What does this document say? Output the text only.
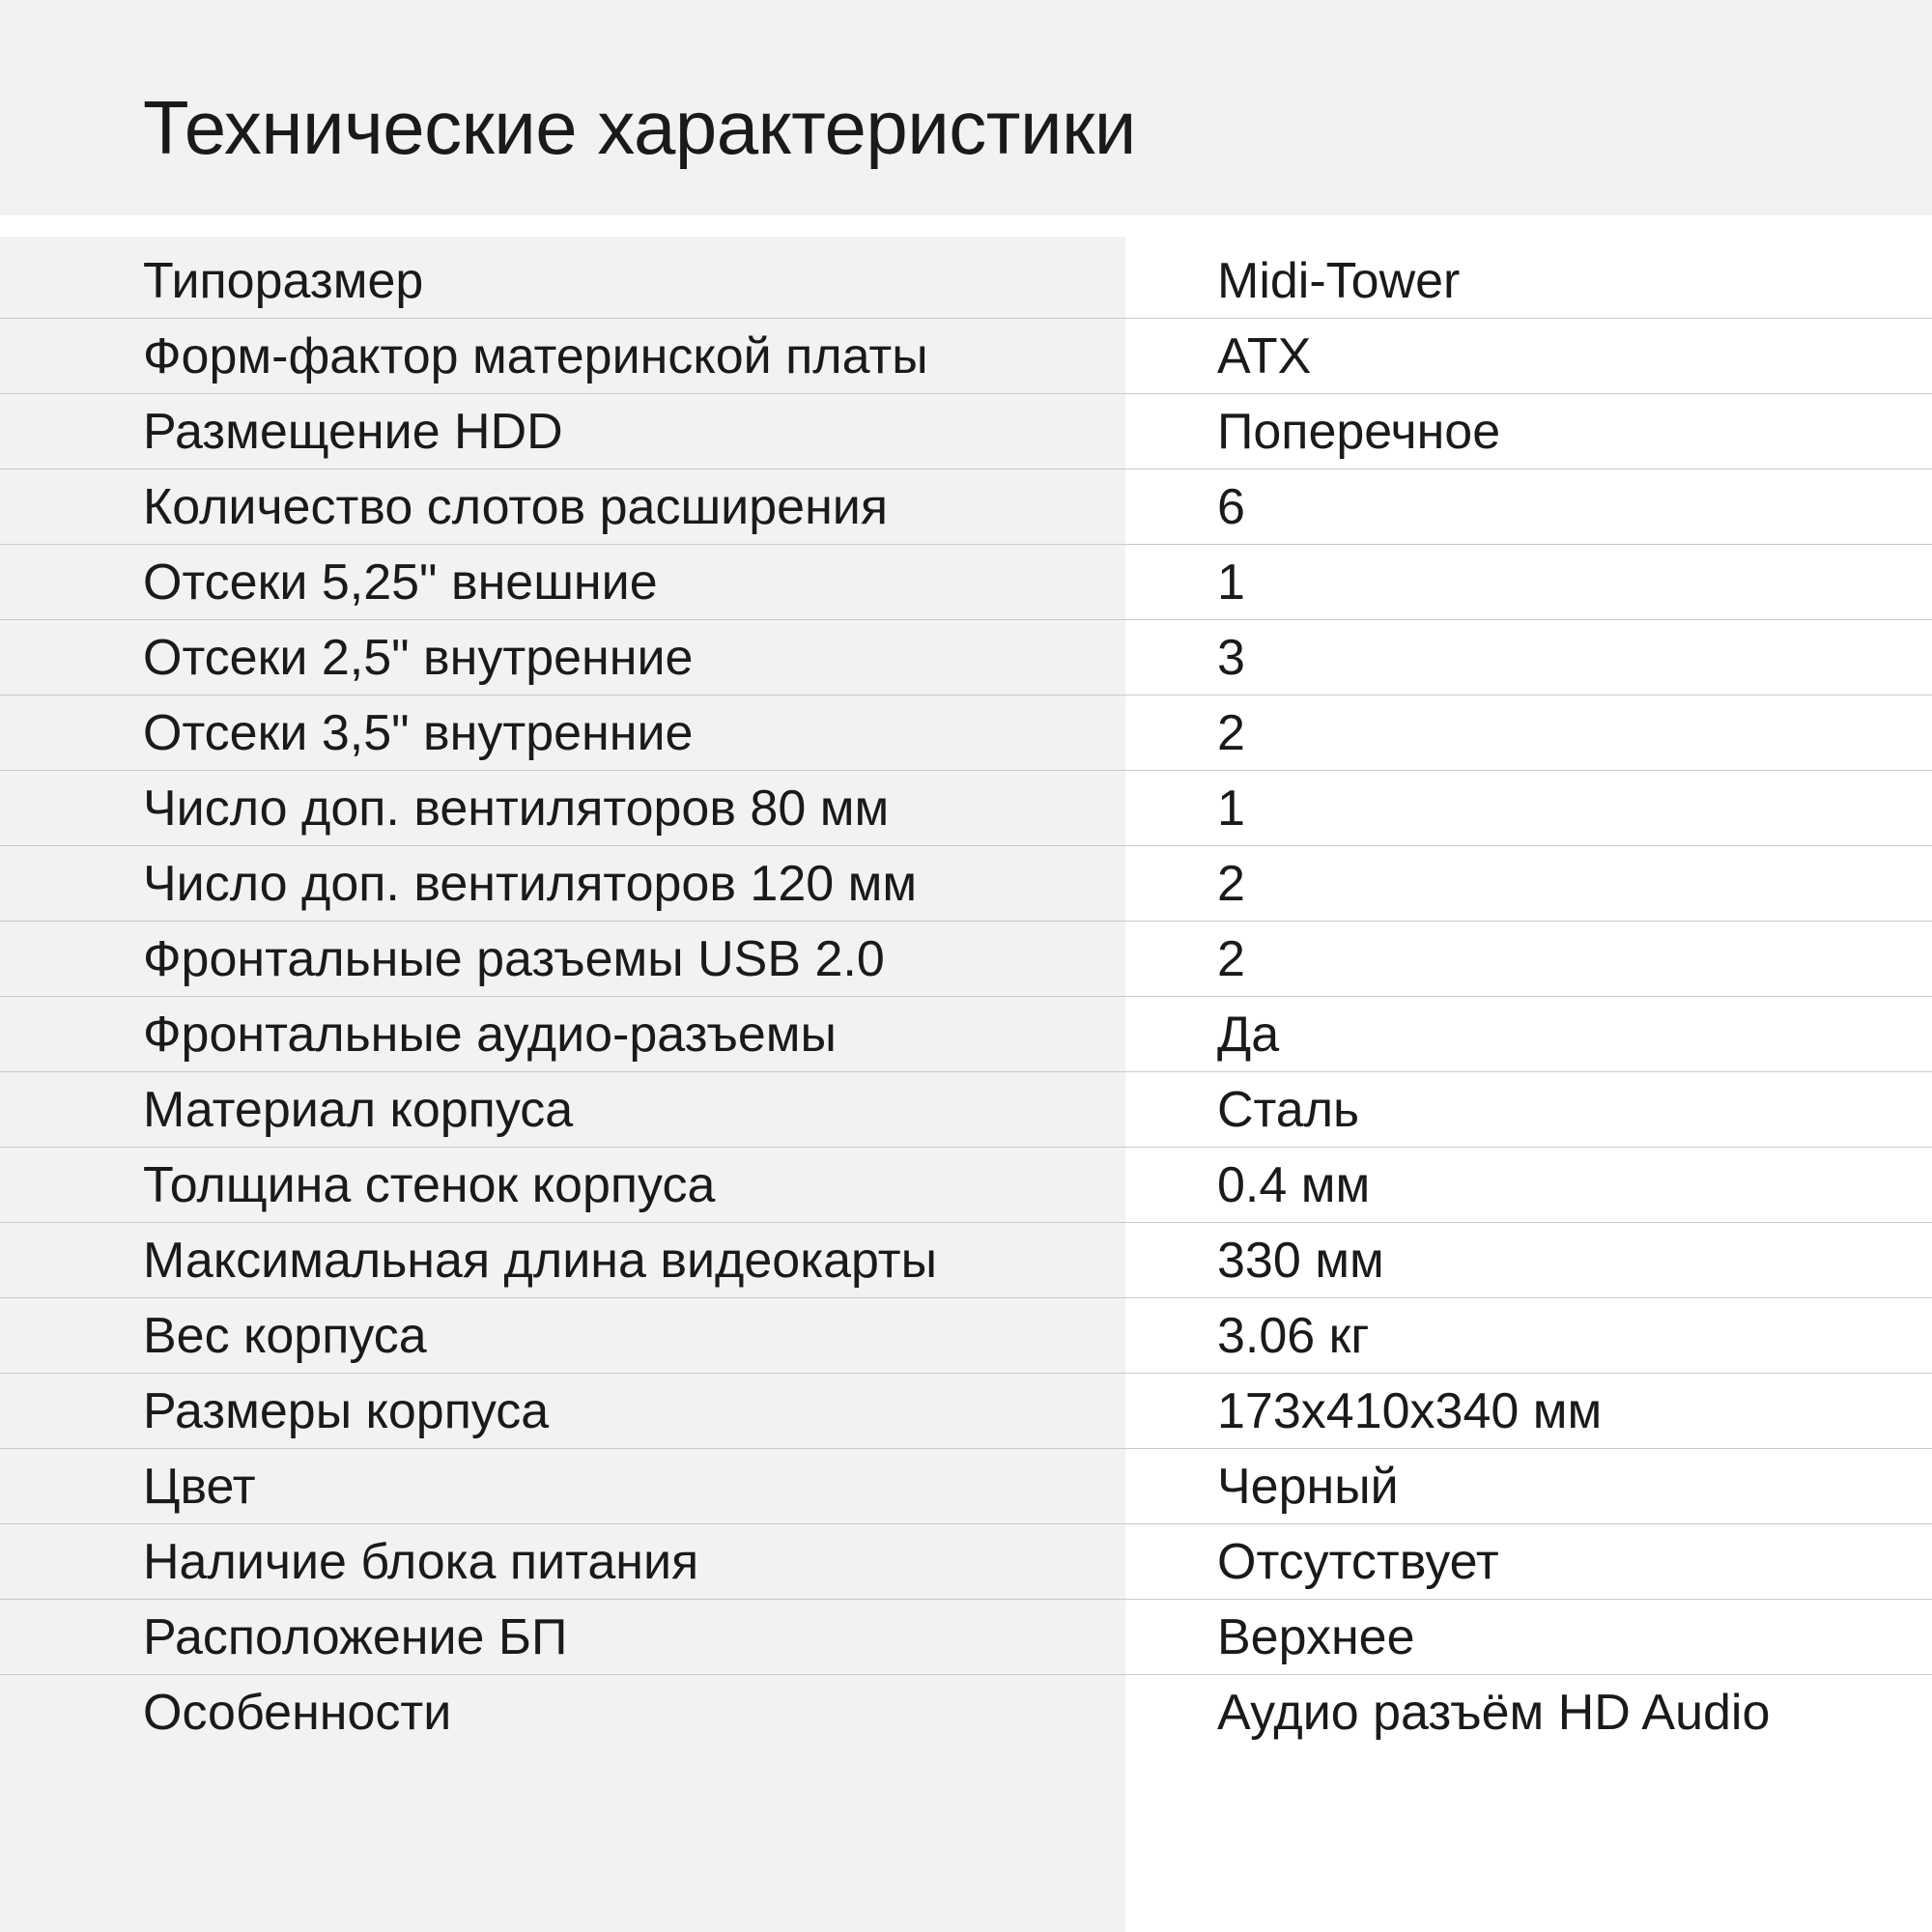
Технические характеристики
Типоразмер	Midi-Tower
Форм-фактор материнской платы	ATX
Размещение HDD	Поперечное
Количество слотов расширения	6
Отсеки 5,25" внешние	1
Отсеки 2,5" внутренние	3
Отсеки 3,5" внутренние	2
Число доп. вентиляторов 80 мм	1
Число доп. вентиляторов 120 мм	2
Фронтальные разъемы USB 2.0	2
Фронтальные аудио-разъемы	Да
Материал корпуса	Сталь
Толщина стенок корпуса	0.4 мм
Максимальная длина видеокарты	330 мм
Вес корпуса	3.06 кг
Размеры корпуса	173x410x340 мм
Цвет	Черный
Наличие блока питания	Отсутствует
Расположение БП	Верхнее
Особенности	Аудио разъём HD Audio
